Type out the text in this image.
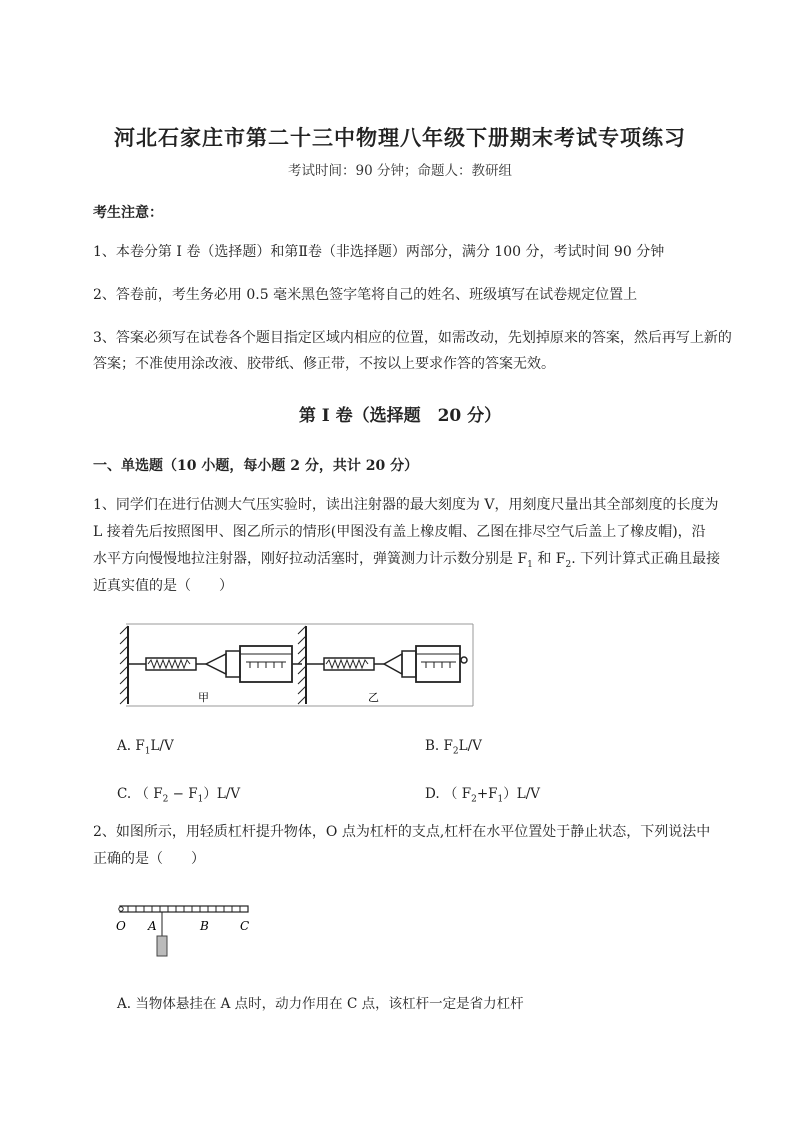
河北石家庄市第二十三中物理八年级下册期末考试专项练习
考试时间：90 分钟；命题人：教研组
考生注意：
1、本卷分第 I 卷（选择题）和第Ⅱ卷（非选择题）两部分，满分 100 分，考试时间 90 分钟
2、答卷前，考生务必用 0.5 毫米黑色签字笔将自己的姓名、班级填写在试卷规定位置上
3、答案必须写在试卷各个题目指定区域内相应的位置，如需改动，先划掉原来的答案，然后再写上新的答案；不准使用涂改液、胶带纸、修正带，不按以上要求作答的答案无效。
第 I 卷（选择题　20 分）
一、单选题（10 小题，每小题 2 分，共计 20 分）
1、同学们在进行估测大气压实验时，读出注射器的最大刻度为 V，用刻度尺量出其全部刻度的长度为
L 接着先后按照图甲、图乙所示的情形(甲图没有盖上橡皮帽、乙图在排尽空气后盖上了橡皮帽)，沿
水平方向慢慢地拉注射器，刚好拉动活塞时，弹簧测力计示数分别是 $F_1$ 和 $F_2$. 下列计算式正确且最接
近真实值的是（　　）
甲	乙
A. $F_1L/V$	B. $F_2L/V$
C. （ $F_2 - F_1)L/V$	D. （ $F_2+F_1)L/V$
2、如图所示，用轻质杠杆提升物体，O 点为杠杆的支点,杠杆在水平位置处于静止状态，下列说法中
正确的是（　　）
O A	B	C
A. 当物体悬挂在 A 点时，动力作用在 C 点，该杠杆一定是省力杠杆
